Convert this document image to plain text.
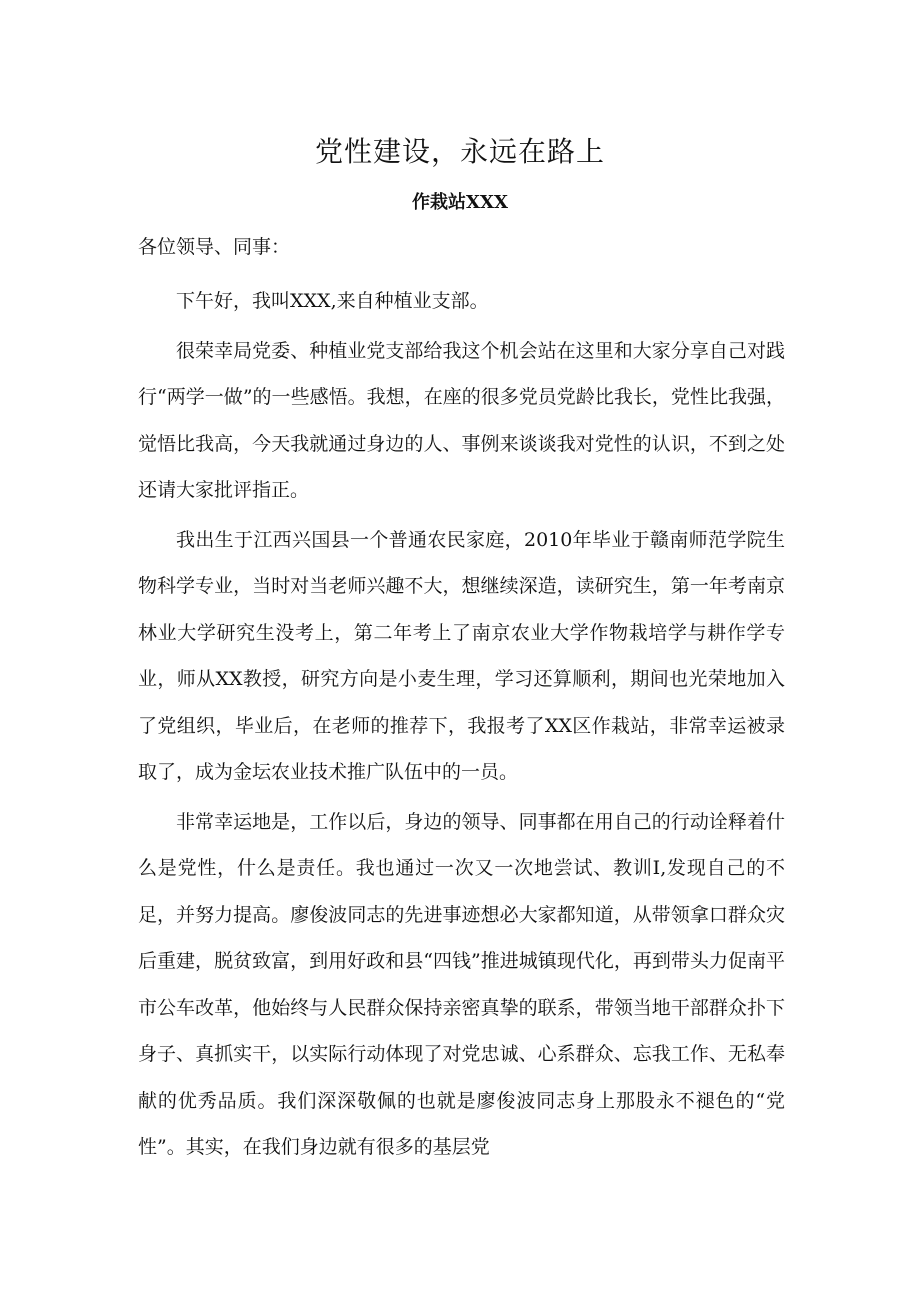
党性建设，永远在路上
作栽站XXX
各位领导、同事：

下午好，我叫XXX,来自种植业支部。

很荣幸局党委、种植业党支部给我这个机会站在这里和大家分享自己对践行“两学一做”的一些感悟。我想，在座的很多党员党龄比我长，党性比我强，觉悟比我高，今天我就通过身边的人、事例来谈谈我对党性的认识，不到之处还请大家批评指正。

我出生于江西兴国县一个普通农民家庭，2010年毕业于赣南师范学院生物科学专业，当时对当老师兴趣不大，想继续深造，读研究生，第一年考南京林业大学研究生没考上，第二年考上了南京农业大学作物栽培学与耕作学专业，师从XX教授，研究方向是小麦生理，学习还算顺利，期间也光荣地加入了党组织，毕业后，在老师的推荐下，我报考了XX区作栽站，非常幸运被录取了，成为金坛农业技术推广队伍中的一员。

非常幸运地是，工作以后，身边的领导、同事都在用自己的行动诠释着什么是党性，什么是责任。我也通过一次又一次地尝试、教训I,发现自己的不足，并努力提高。廖俊波同志的先进事迹想必大家都知道，从带领拿口群众灾后重建，脱贫致富，到用好政和县“四钱”推进城镇现代化，再到带头力促南平市公车改革，他始终与人民群众保持亲密真挚的联系，带领当地干部群众扑下身子、真抓实干，以实际行动体现了对党忠诚、心系群众、忘我工作、无私奉献的优秀品质。我们深深敬佩的也就是廖俊波同志身上那股永不褪色的“党性”。其实，在我们身边就有很多的基层党
